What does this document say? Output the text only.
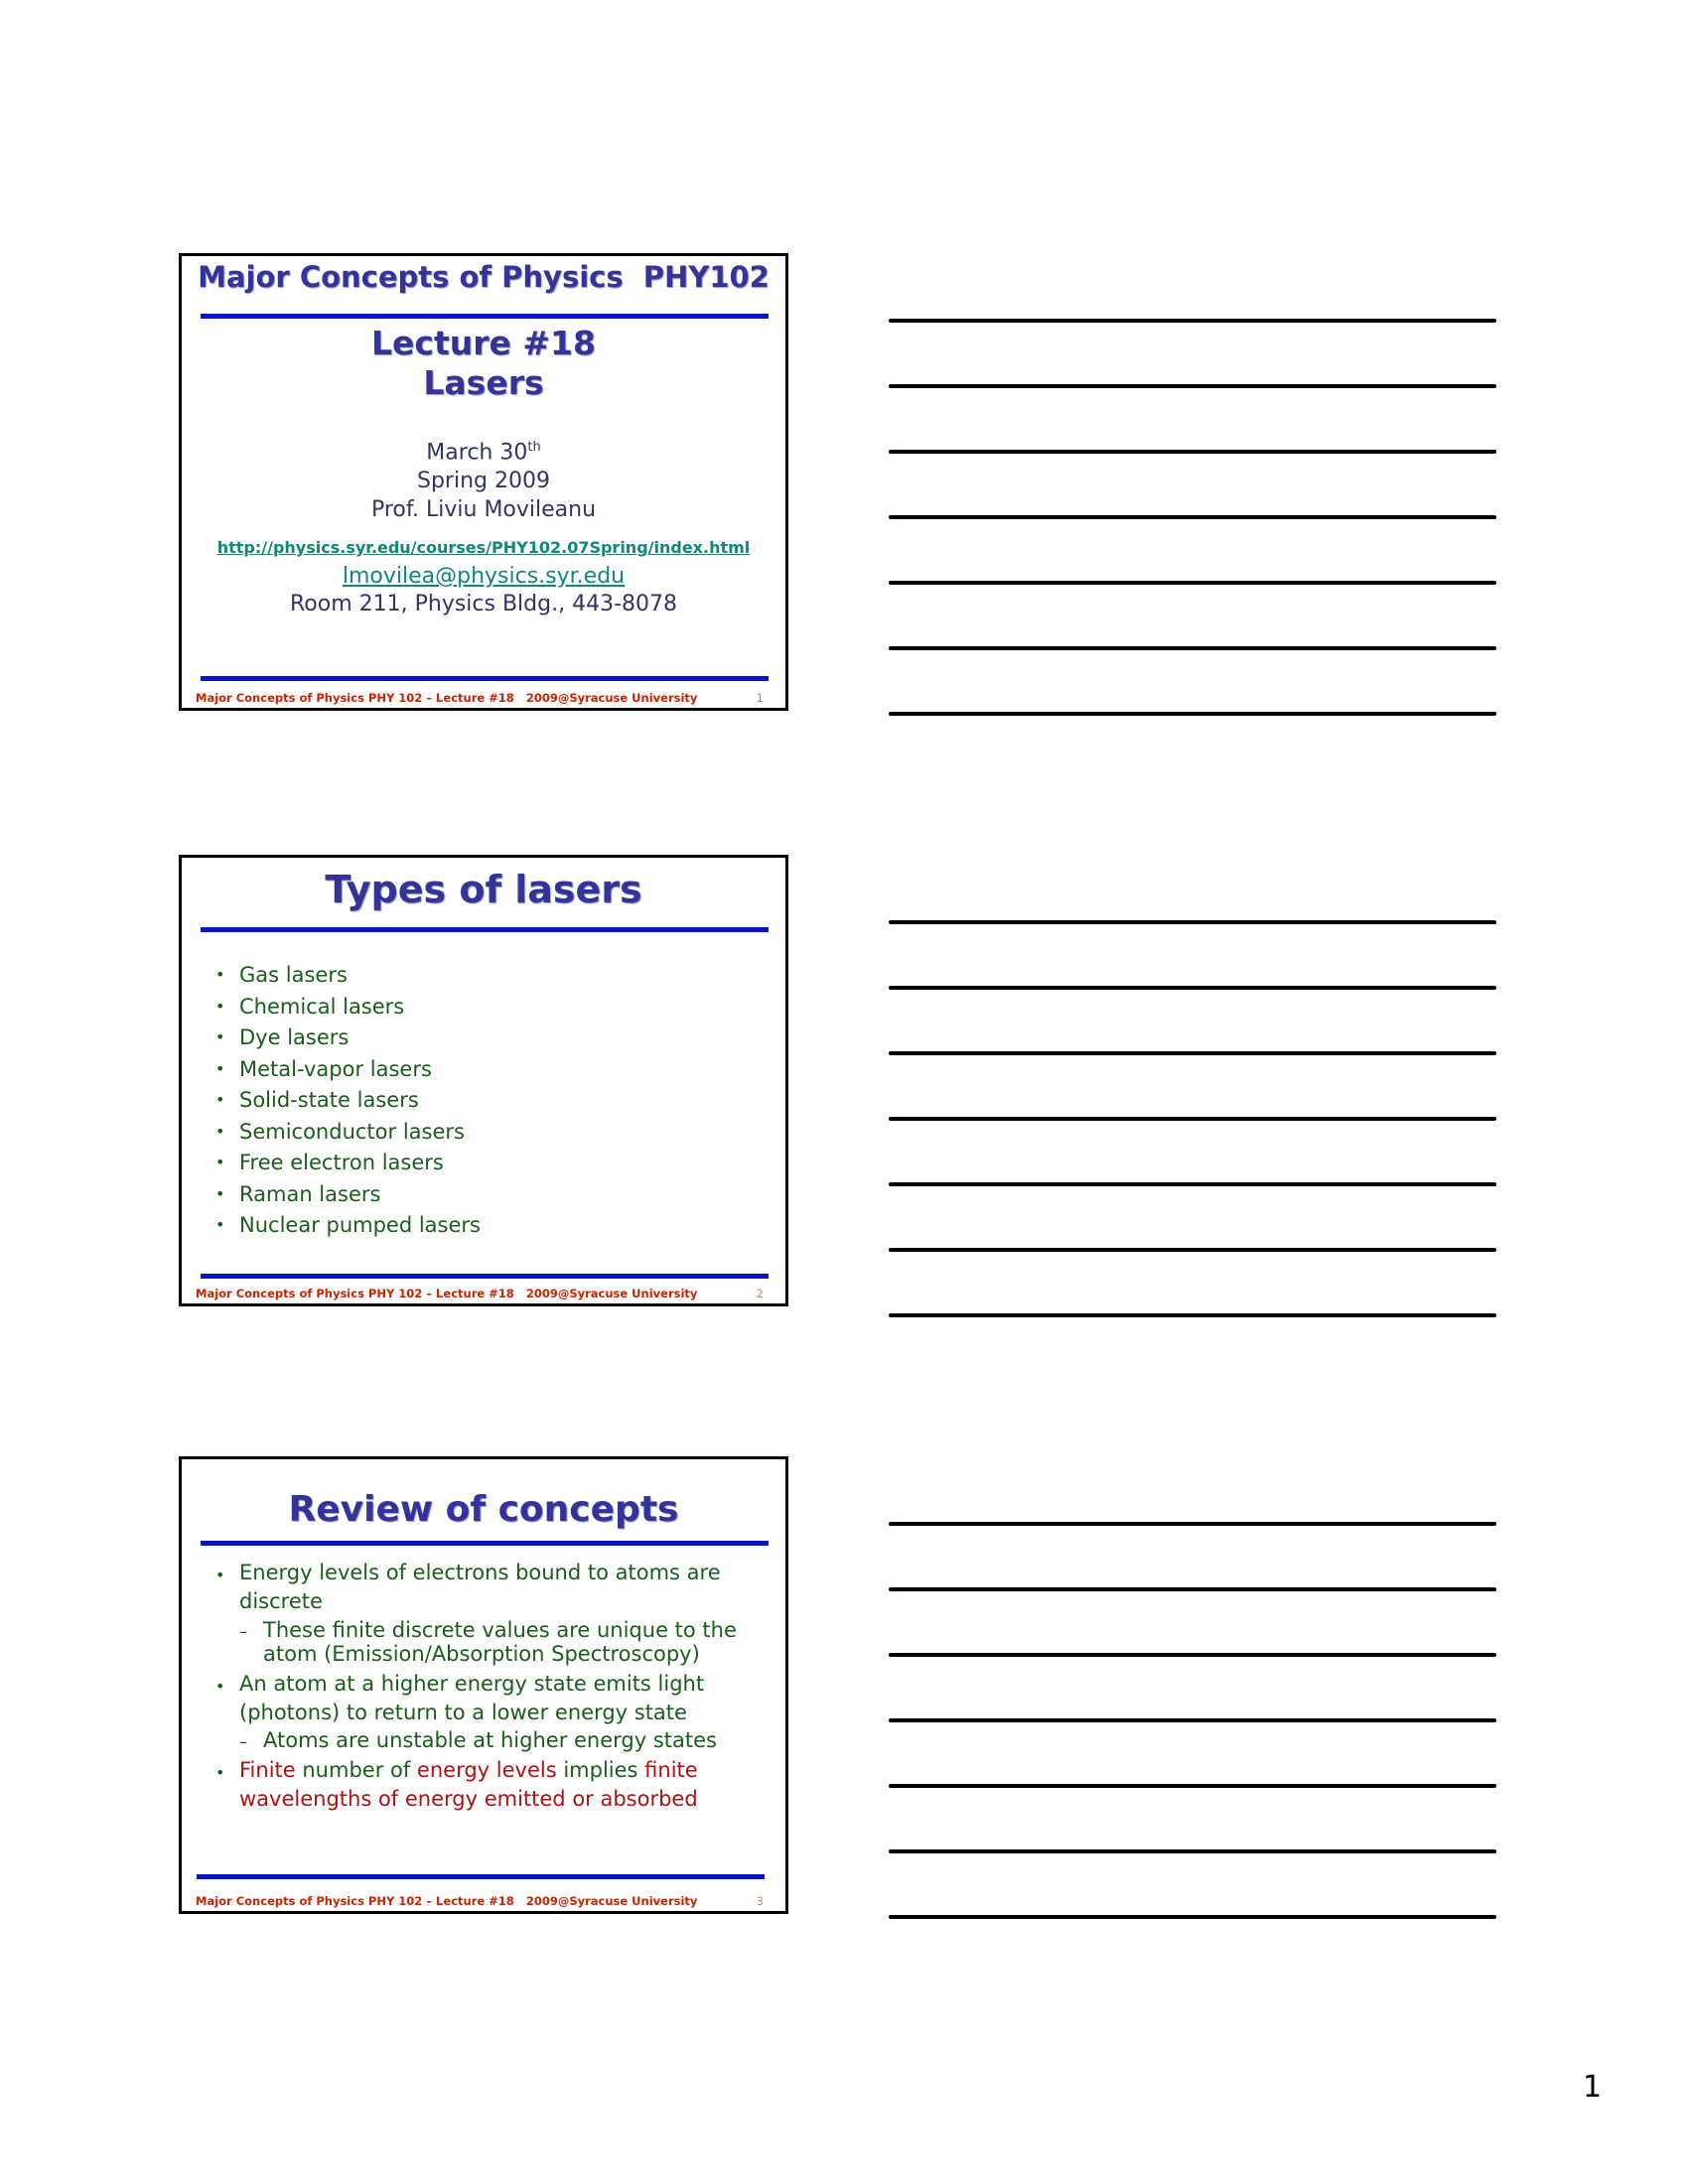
Major Concepts of Physics  PHY102
Lecture #18
Lasers
March 30th
Spring 2009
Prof. Liviu Movileanu
http://physics.syr.edu/courses/PHY102.07Spring/index.html
lmovilea@physics.syr.edu
Room 211, Physics Bldg., 443-8078
Major Concepts of Physics PHY 102 – Lecture #18   2009@Syracuse University	1
Types of lasers
• Gas lasers
• Chemical lasers
• Dye lasers
• Metal-vapor lasers
• Solid-state lasers
• Semiconductor lasers
• Free electron lasers
• Raman lasers
• Nuclear pumped lasers
Major Concepts of Physics PHY 102 – Lecture #18   2009@Syracuse University	2
Review of concepts
• Energy levels of electrons bound to atoms are discrete
– These finite discrete values are unique to the atom (Emission/Absorption Spectroscopy)
• An atom at a higher energy state emits light (photons) to return to a lower energy state
– Atoms are unstable at higher energy states
• Finite number of energy levels implies finite wavelengths of energy emitted or absorbed
Major Concepts of Physics PHY 102 – Lecture #18   2009@Syracuse University	3
1
